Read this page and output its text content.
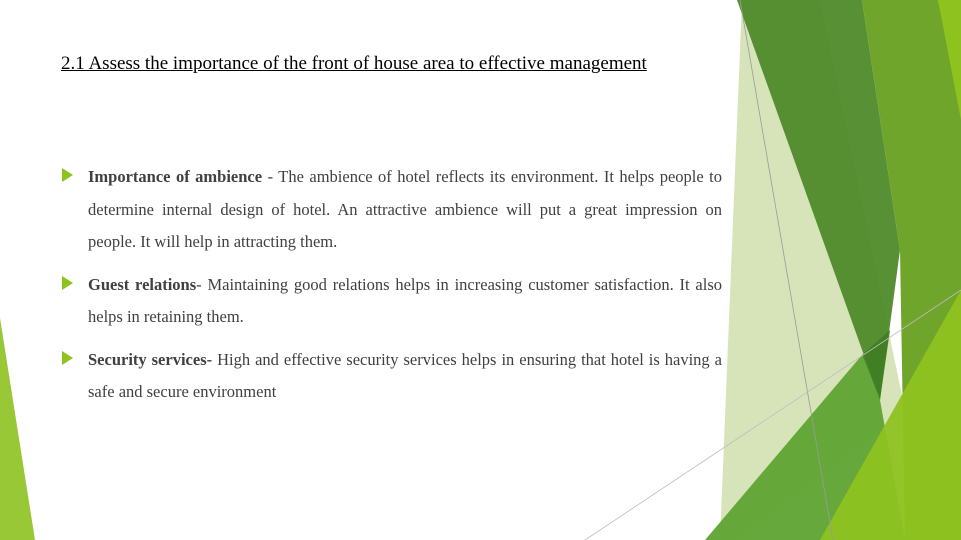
2.1 Assess the importance of the front of house area to effective management

Importance of ambience - The ambience of hotel reflects its environment. It helps people to determine internal design of hotel. An attractive ambience will put a great impression on people. It will help in attracting them.

Guest relations- Maintaining good relations helps in increasing customer satisfaction. It also helps in retaining them.

Security services- High and effective security services helps in ensuring that hotel is having a safe and secure environment
